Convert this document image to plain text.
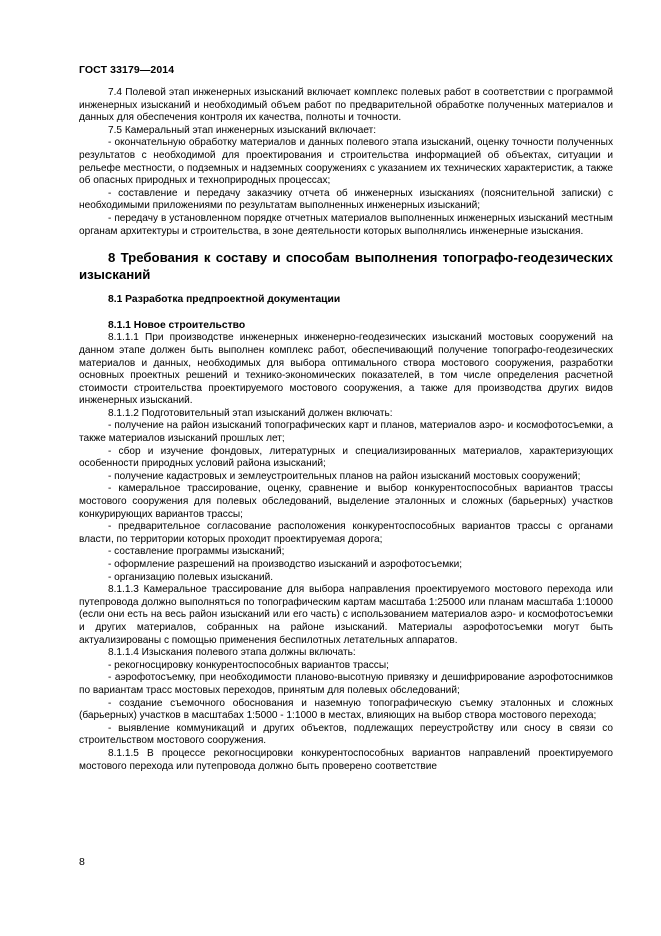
ГОСТ 33179—2014

7.4 Полевой этап инженерных изысканий включает комплекс полевых работ в соответствии с программой инженерных изысканий и необходимый объем работ по предварительной обработке полученных материалов и данных для обеспечения контроля их качества, полноты и точности.

7.5 Камеральный этап инженерных изысканий включает:

- окончательную обработку материалов и данных полевого этапа изысканий, оценку точности полученных результатов с необходимой для проектирования и строительства информацией об объектах, ситуации и рельефе местности, о подземных и надземных сооружениях с указанием их технических характеристик, а также об опасных природных и технoприродных процессах;

- составление и передачу заказчику отчета об инженерных изысканиях (пояснительной записки) с необходимыми приложениями по результатам выполненных инженерных изысканий;

- передачу в установленном порядке отчетных материалов выполненных инженерных изысканий местным органам архитектуры и строительства, в зоне деятельности которых выполнялись инженерные изыскания.

8 Требования к составу и способам выполнения топографо-геодезических изысканий
8.1 Разработка предпроектной документации
8.1.1 Новое строительство

8.1.1.1 При производстве инженерных инженерно-геодезических изысканий мостовых сооружений на данном этапе должен быть выполнен комплекс работ, обеспечивающий получение топографо-геодезических материалов и данных, необходимых для выбора оптимального створа мостового сооружения, разработки основных проектных решений и технико-экономических показателей, в том числе определения расчетной стоимости строительства проектируемого мостового сооружения, а также для производства других видов инженерных изысканий.

8.1.1.2 Подготовительный этап изысканий должен включать:

- получение на район изысканий топографических карт и планов, материалов аэро- и космофотосъемки, а также материалов изысканий прошлых лет;

- сбор и изучение фондовых, литературных и специализированных материалов, характеризующих особенности природных условий района изысканий;

- получение кадастровых и землеустроительных планов на район изысканий мостовых сооружений;

- камеральное трассирование, оценку, сравнение и выбор конкурентоспособных вариантов трассы мостового сооружения для полевых обследований, выделение эталонных и сложных (барьерных) участков конкурирующих вариантов трассы;

- предварительное согласование расположения конкурентоспособных вариантов трассы с органами власти, по территории которых проходит проектируемая дорога;

- составление программы изысканий;

- оформление разрешений на производство изысканий и аэрофотосъемки;

- организацию полевых изысканий.

8.1.1.3 Камеральное трассирование для выбора направления проектируемого мостового перехода или путепровода должно выполняться по топографическим картам масштаба 1:25000 или планам масштаба 1:10000 (если они есть на весь район изысканий или его часть) с использованием материалов аэро- и космофотосъемки и других материалов, собранных на районе изысканий. Материалы аэрофотосъемки могут быть актуализированы с помощью применения беспилотных летательных аппаратов.

8.1.1.4 Изыскания полевого этапа должны включать:

- рекогносцировку конкурентоспособных вариантов трассы;

- аэрофотосъемку, при необходимости планово-высотную привязку и дешифрирование аэрофотоснимков по вариантам трасс мостовых переходов, принятым для полевых обследований;

- создание съемочного обоснования и наземную топографическую съемку эталонных и сложных (барьерных) участков в масштабах 1:5000 - 1:1000 в местах, влияющих на выбор створа мостового перехода;

- выявление коммуникаций и других объектов, подлежащих переустройству или сносу в связи со строительством мостового сооружения.

8.1.1.5 В процессе рекогносцировки конкурентоспособных вариантов направлений проектируемого мостового перехода или путепровода должно быть проверено соответствие

8
